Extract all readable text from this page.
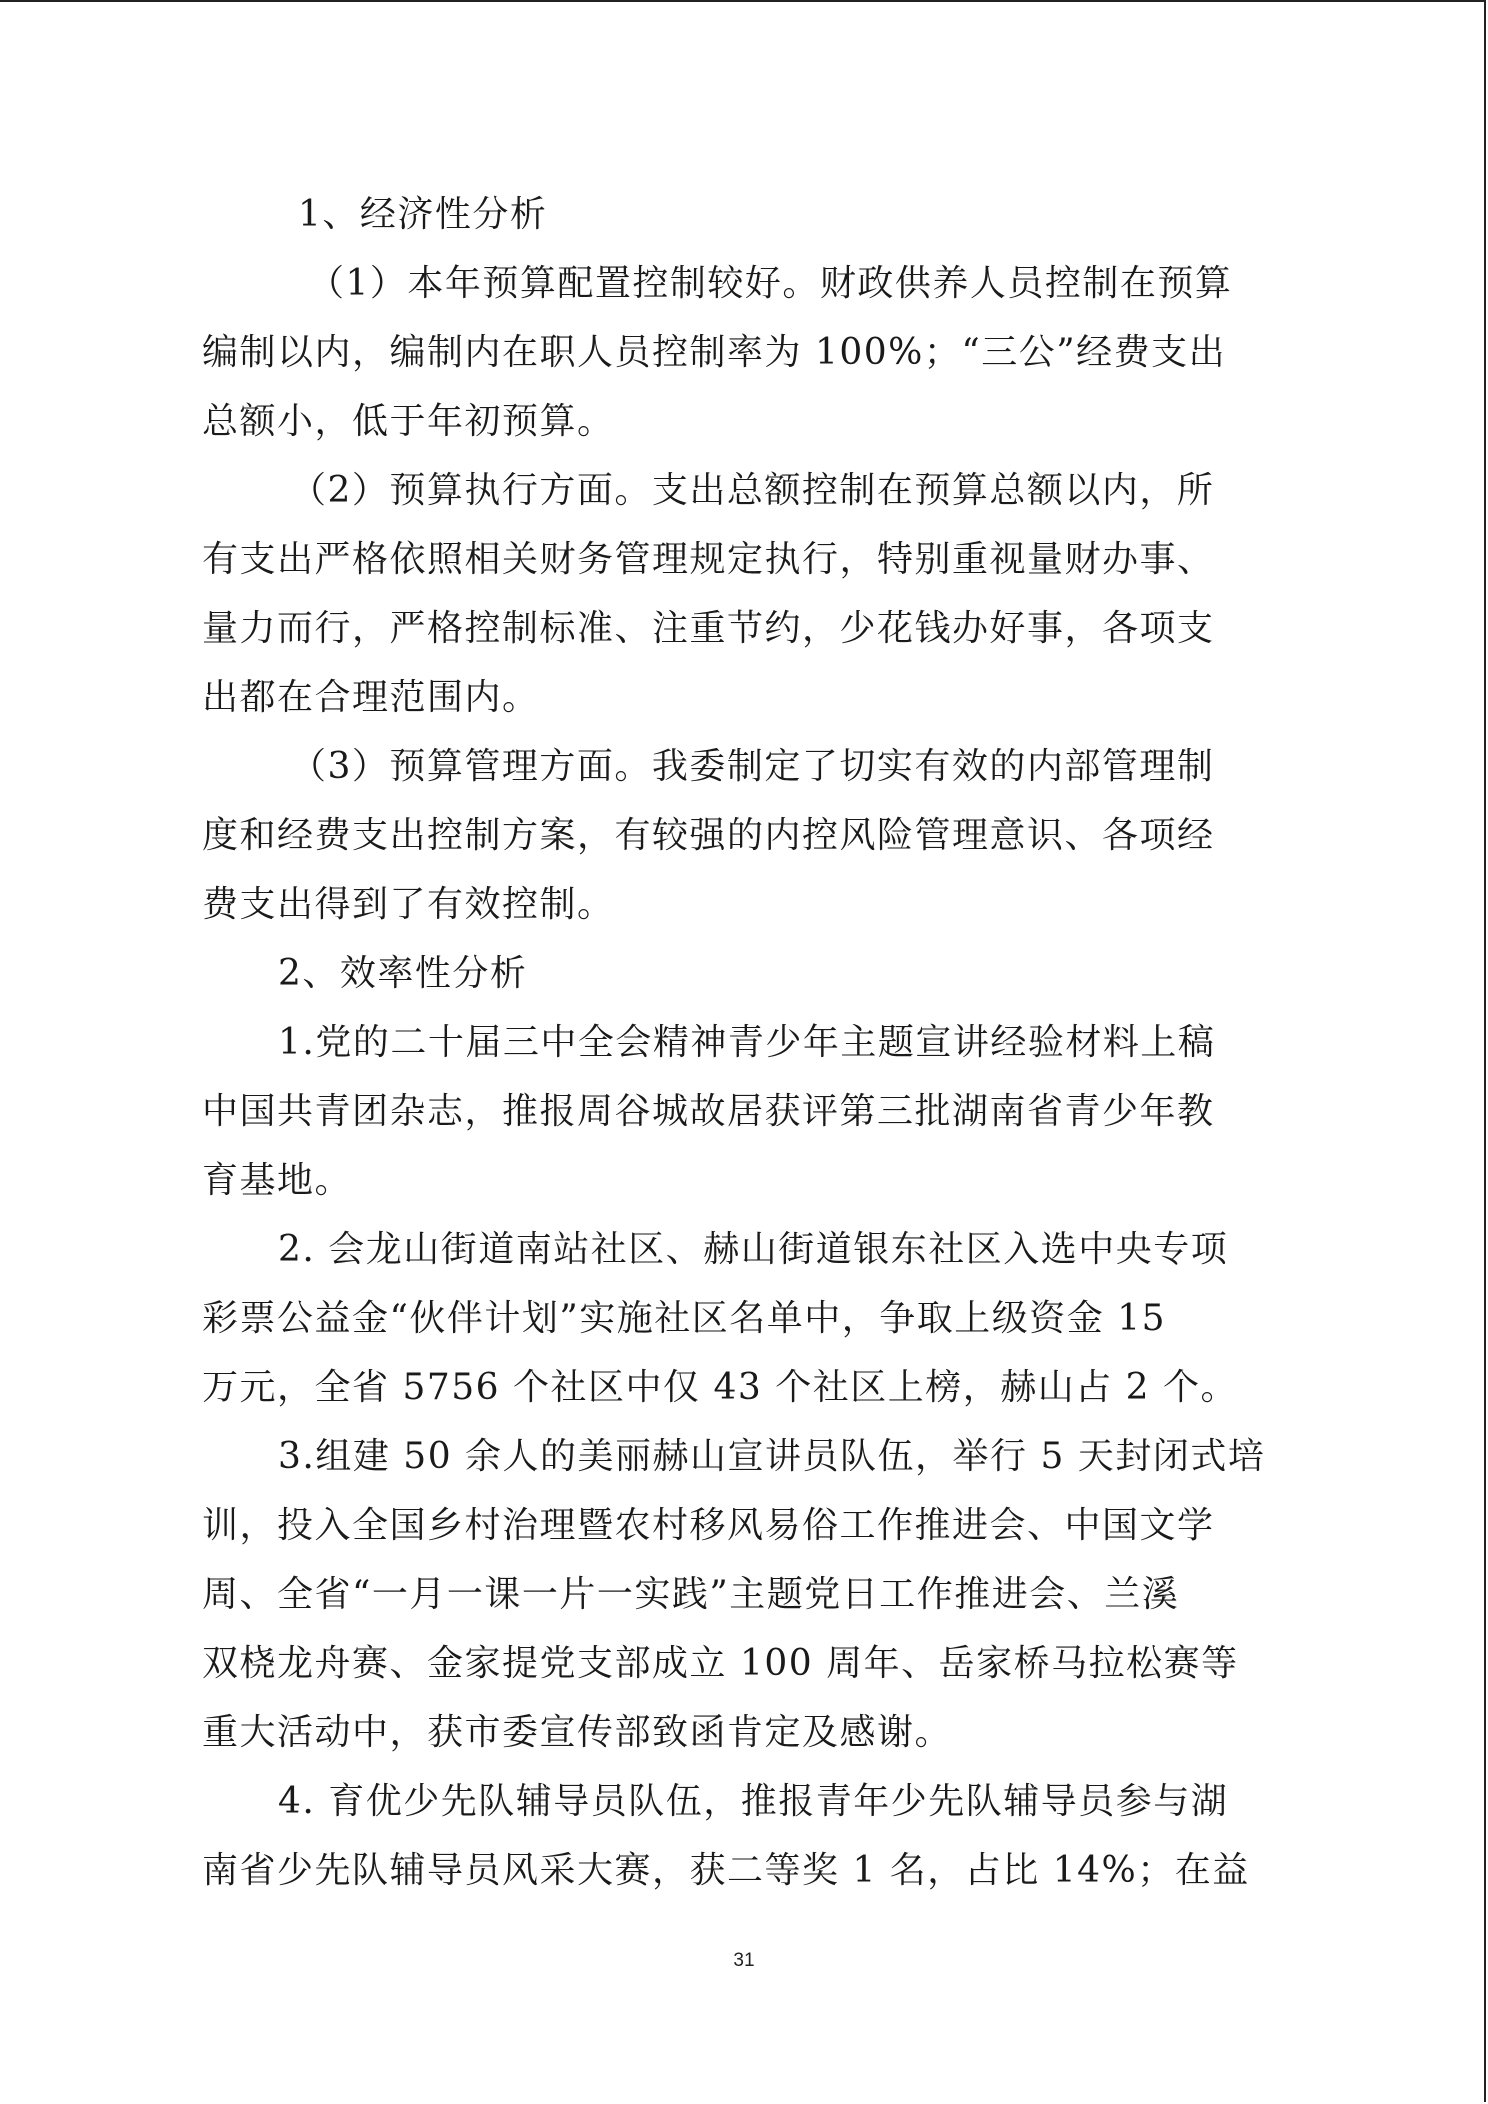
1、经济性分析
（1）本年预算配置控制较好。财政供养人员控制在预算
编制以内，编制内在职人员控制率为 100%；“三公”经费支出
总额小，低于年初预算。
（2）预算执行方面。支出总额控制在预算总额以内，所
有支出严格依照相关财务管理规定执行，特别重视量财办事、
量力而行，严格控制标准、注重节约，少花钱办好事，各项支
出都在合理范围内。
（3）预算管理方面。我委制定了切实有效的内部管理制
度和经费支出控制方案，有较强的内控风险管理意识、各项经
费支出得到了有效控制。
2、效率性分析
1.党的二十届三中全会精神青少年主题宣讲经验材料上稿
中国共青团杂志，推报周谷城故居获评第三批湖南省青少年教
育基地。
2. 会龙山街道南站社区、赫山街道银东社区入选中央专项
彩票公益金“伙伴计划”实施社区名单中，争取上级资金 15
万元，全省 5756 个社区中仅 43 个社区上榜，赫山占 2 个。
3.组建 50 余人的美丽赫山宣讲员队伍，举行 5 天封闭式培
训，投入全国乡村治理暨农村移风易俗工作推进会、中国文学
周、全省“一月一课一片一实践”主题党日工作推进会、兰溪
双桡龙舟赛、金家提党支部成立 100 周年、岳家桥马拉松赛等
重大活动中，获市委宣传部致函肯定及感谢。
4. 育优少先队辅导员队伍，推报青年少先队辅导员参与湖
南省少先队辅导员风采大赛，获二等奖 1 名，占比 14%；在益
31
